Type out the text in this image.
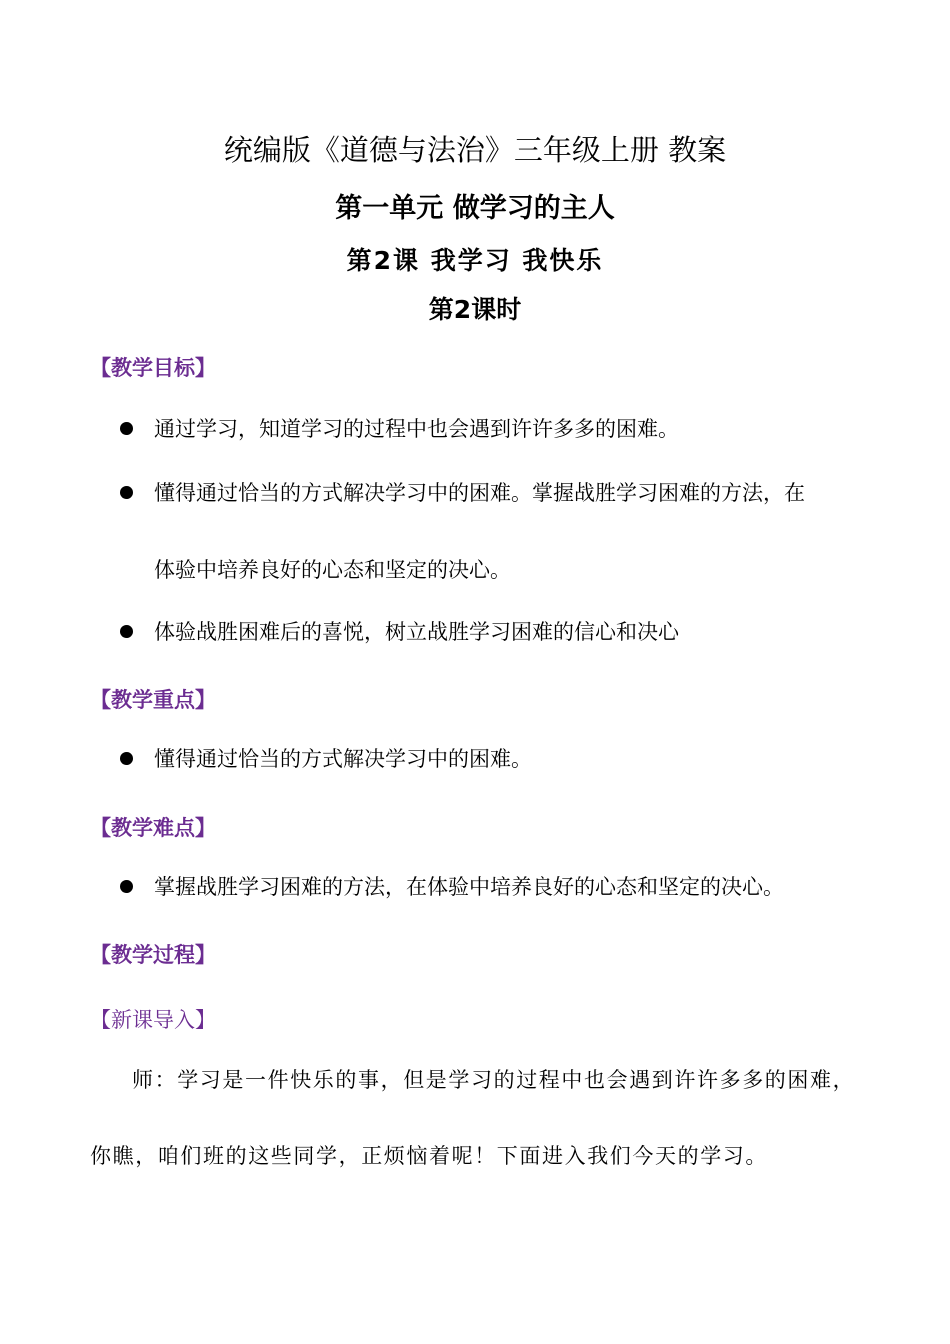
统编版《道德与法治》三年级上册 教案
第一单元 做学习的主人
第2课 我学习 我快乐
第2课时
【教学目标】
通过学习，知道学习的过程中也会遇到许许多多的困难。
懂得通过恰当的方式解决学习中的困难。掌握战胜学习困难的方法，在
体验中培养良好的心态和坚定的决心。
体验战胜困难后的喜悦，树立战胜学习困难的信心和决心
【教学重点】
懂得通过恰当的方式解决学习中的困难。
【教学难点】
掌握战胜学习困难的方法，在体验中培养良好的心态和坚定的决心。
【教学过程】
【新课导入】
师：学习是一件快乐的事，但是学习的过程中也会遇到许许多多的困难，
你瞧，咱们班的这些同学，正烦恼着呢！下面进入我们今天的学习。
